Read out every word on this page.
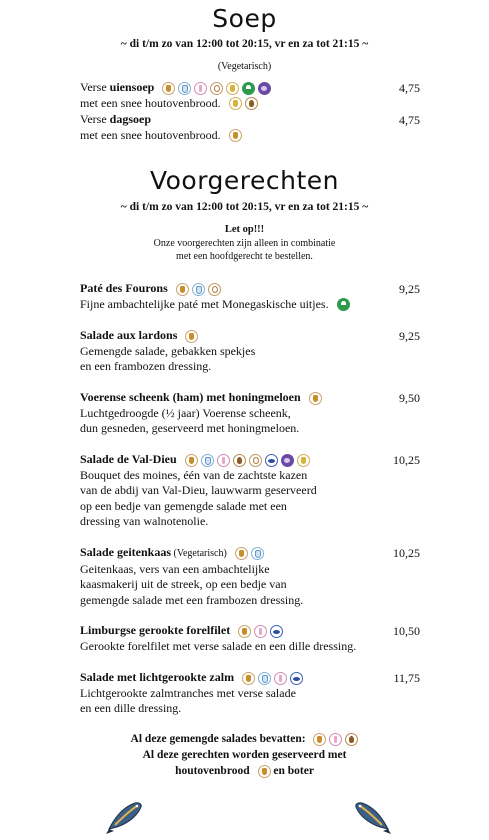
Soep
~ di t/m zo van 12:00 tot 20:15, vr en za tot 21:15 ~
(Vegetarisch)
Verse uiensoep
met een snee houtovenbrood.
4,75
Verse dagsoep
met een snee houtovenbrood.
4,75
Voorgerechten
~ di t/m zo van 12:00 tot 20:15, vr en za tot 21:15 ~
Let op!!!
Onze voorgerechten zijn alleen in combinatie
met een hoofdgerecht te bestellen.
Paté des Fourons
Fijne ambachtelijke paté met Monegaskische uitjes.
9,25
Salade aux lardons
Gemengde salade, gebakken spekjes
en een frambozen dressing.
9,25
Voerense scheenk (ham) met honingmeloen
Luchtgedroogde (½ jaar) Voerense scheenk,
dun gesneden, geserveerd met honingmeloen.
9,50
Salade de Val-Dieu
Bouquet des moines, één van de zachtste kazen
van de abdij van Val-Dieu, lauwwarm geserveerd
op een bedje van gemengde salade met een
dressing van walnotenolie.
10,25
Salade geitenkaas (Vegetarisch)
Geitenkaas, vers van een ambachtelijke
kaasmakerij uit de streek, op een bedje van
gemengde salade met een frambozen dressing.
10,25
Limburgse gerookte forelfilet
Gerookte forelfilet met verse salade en een dille dressing.
10,50
Salade met lichtgerookte zalm
Lichtgerookte zalmtranches met verse salade
en een dille dressing.
11,75
Al deze gemengde salades bevatten:
Al deze gerechten worden geserveerd met
houtovenbrood en boter
